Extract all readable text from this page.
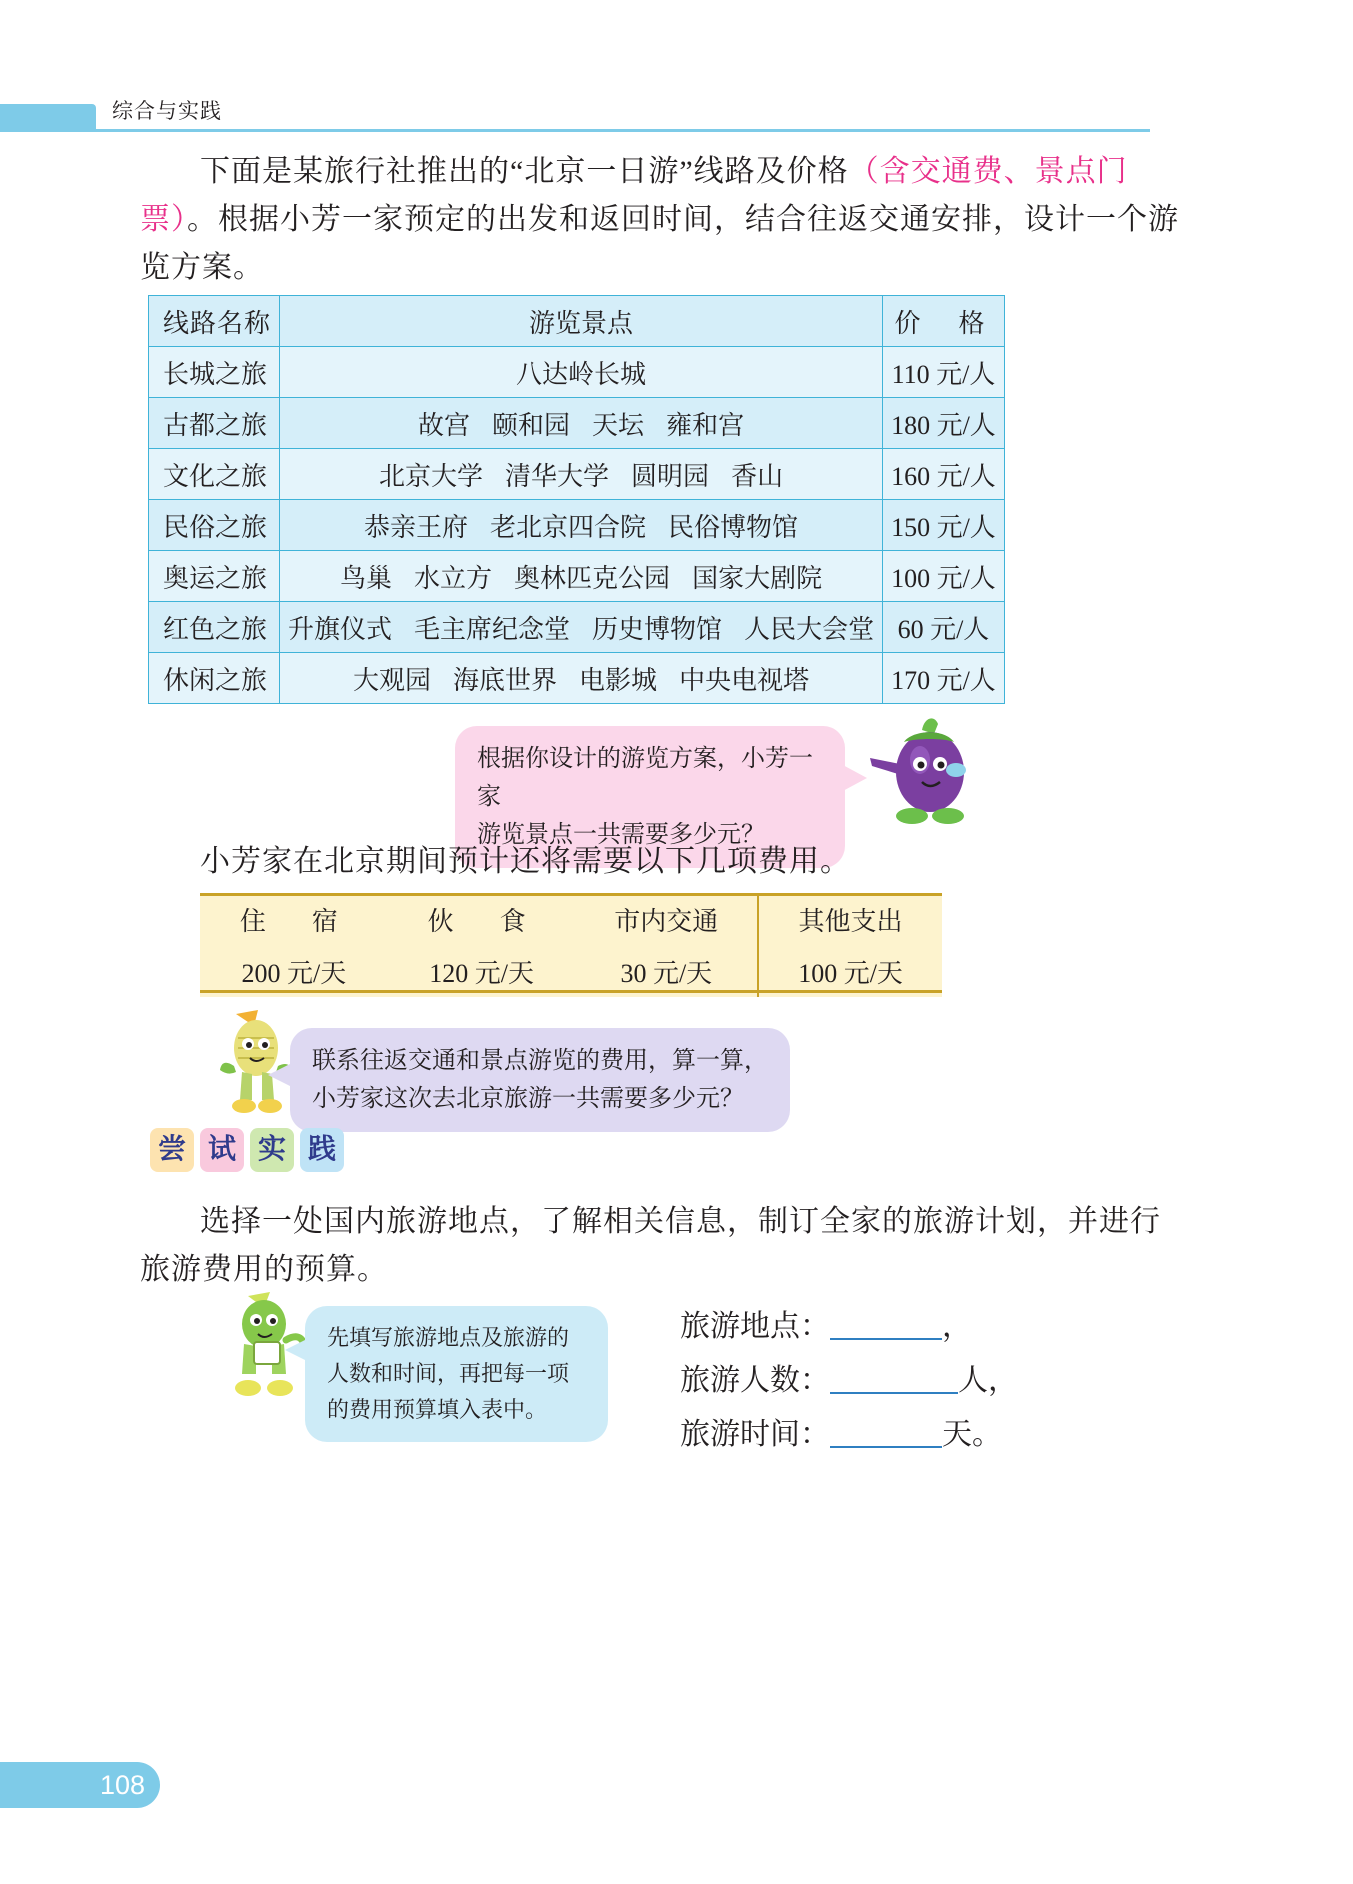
综合与实践
下面是某旅行社推出的“北京一日游”线路及价格（含交通费、景点门票）。根据小芳一家预定的出发和返回时间，结合往返交通安排，设计一个游览方案。
线路名称	游览景点	价　格
长城之旅	八达岭长城	110 元/人
古都之旅	故宫 颐和园 天坛 雍和宫	180 元/人
文化之旅	北京大学 清华大学 圆明园 香山	160 元/人
民俗之旅	恭亲王府 老北京四合院 民俗博物馆	150 元/人
奥运之旅	鸟巢 水立方 奥林匹克公园 国家大剧院	100 元/人
红色之旅	升旗仪式 毛主席纪念堂 历史博物馆 人民大会堂	60 元/人
休闲之旅	大观园 海底世界 电影城 中央电视塔	170 元/人
根据你设计的游览方案，小芳一家
游览景点一共需要多少元？
小芳家在北京期间预计还将需要以下几项费用。
住　宿	伙　食	市内交通	其他支出
200 元/天	120 元/天	30 元/天	100 元/天
联系往返交通和景点游览的费用，算一算，
小芳家这次去北京旅游一共需要多少元？
尝 试 实 践
选择一处国内旅游地点，了解相关信息，制订全家的旅游计划，并进行旅游费用的预算。
先填写旅游地点及旅游的
人数和时间，再把每一项
的费用预算填入表中。
旅游地点：	，
旅游人数：	人，
旅游时间：	天。
108
